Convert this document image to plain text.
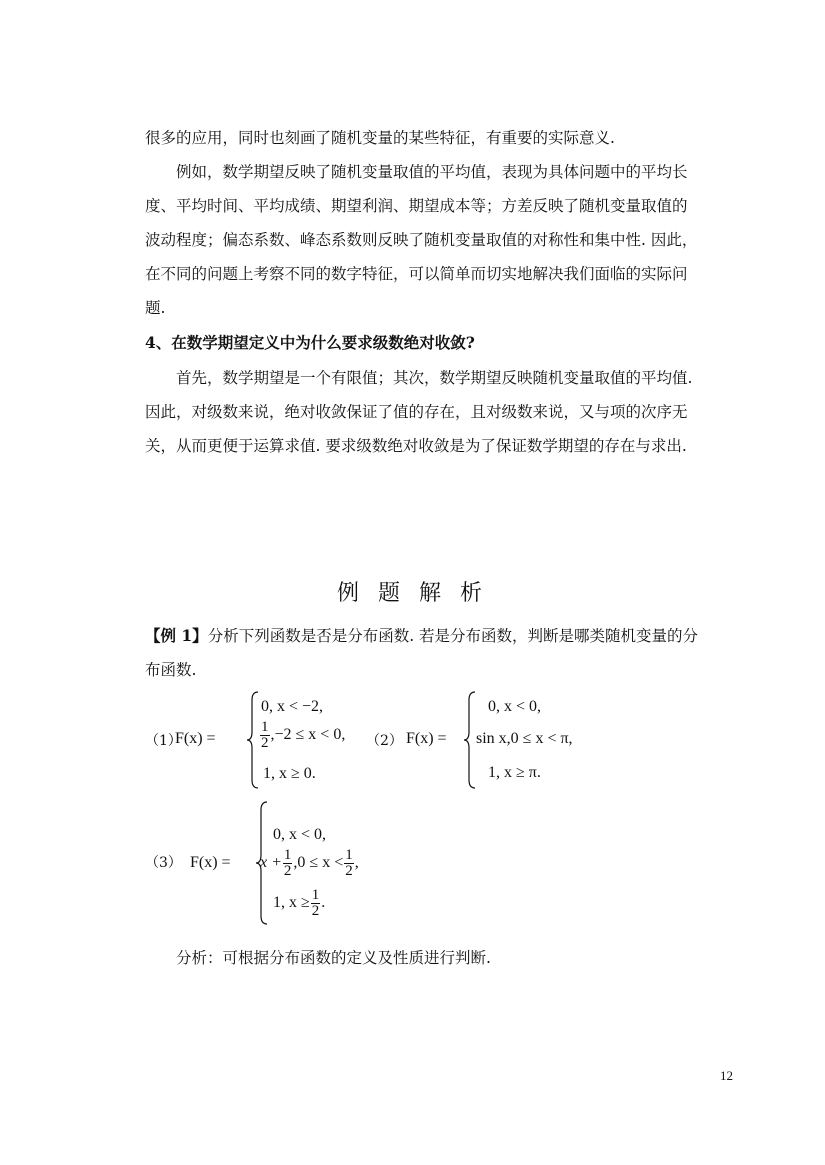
很多的应用，同时也刻画了随机变量的某些特征，有重要的实际意义.
例如，数学期望反映了随机变量取值的平均值，表现为具体问题中的平均长
度、平均时间、平均成绩、期望利润、期望成本等；方差反映了随机变量取值的
波动程度；偏态系数、峰态系数则反映了随机变量取值的对称性和集中性. 因此，
在不同的问题上考察不同的数字特征，可以简单而切实地解决我们面临的实际问
题.
4、在数学期望定义中为什么要求级数绝对收敛?
首先，数学期望是一个有限值；其次，数学期望反映随机变量取值的平均值.
因此，对级数来说，绝对收敛保证了值的存在，且对级数来说，又与项的次序无
关，从而更便于运算求值. 要求级数绝对收敛是为了保证数学期望的存在与求出.
例 题 解 析
【例 1】分析下列函数是否是分布函数. 若是分布函数，判断是哪类随机变量的分
布函数.
（1）
F(x) =
0, x < −2,
$\frac{1}{2} ,-2 \le x < 0$,
1, x ≥ 0.
（2） F(x) =
0, x < 0,
sin x,0 ≤ x < π,
1, x ≥ π.
（3） F(x) =
0, x < 0,
$x + \frac{1}{2} ,0 \le x < \frac{1}{2}$ ,
1, $x \ge \frac{1}{2}$ .
分析：可根据分布函数的定义及性质进行判断.
12
